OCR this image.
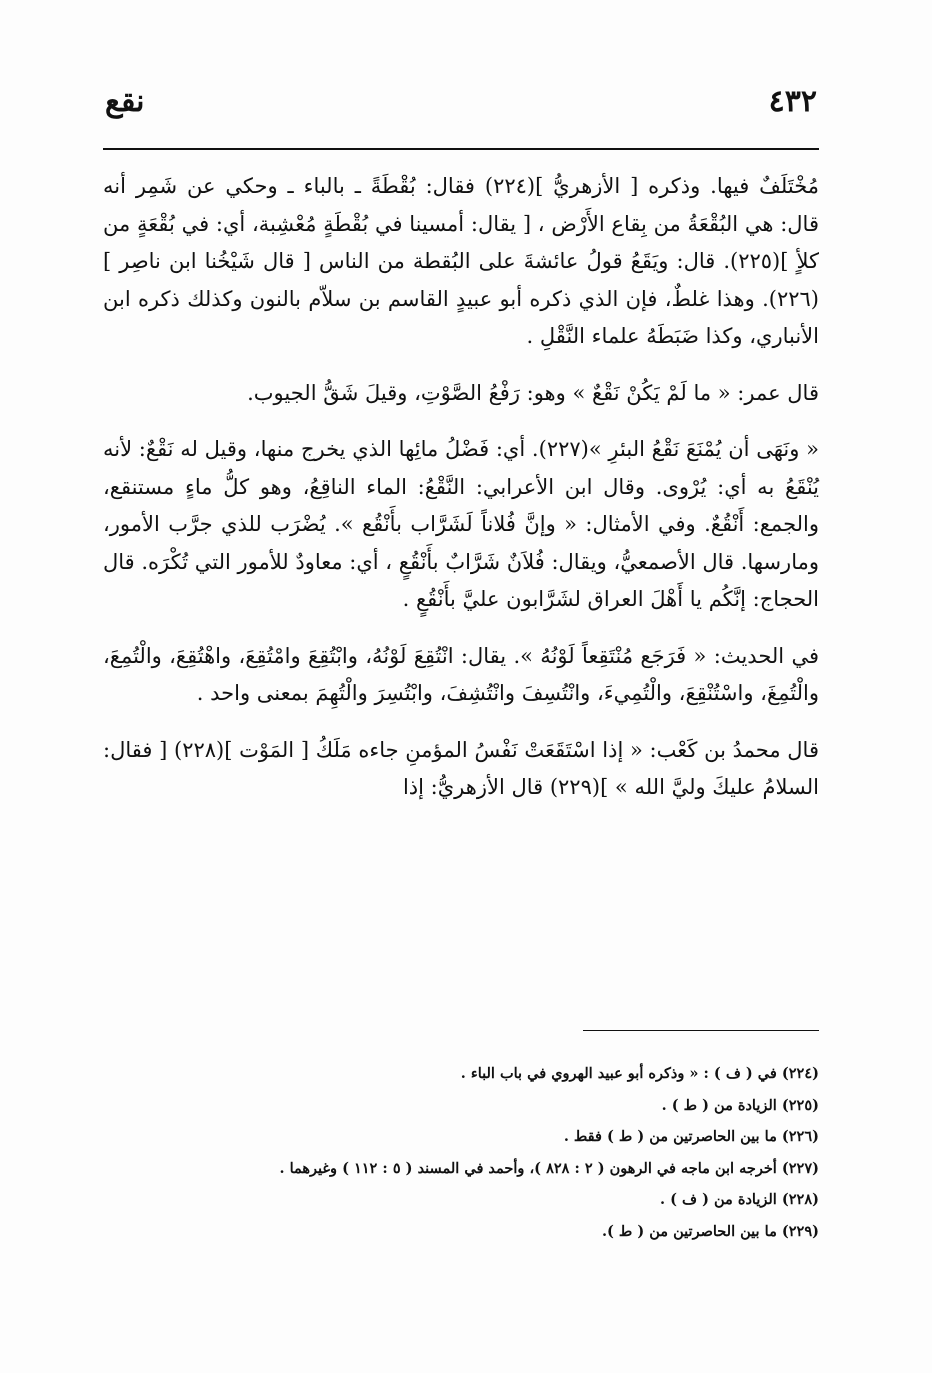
٤٣٢
نقع

مُخْتَلَفٌ فيها. وذكره [ الأزهريُّ ](٢٢٤) فقال: بُقْطَةً ـ بالباء ـ وحكي عن شَمِر أنه قال: هي البُقْعَةُ من بِقاع الأَرْض ، [ يقال: أمسينا في بُقْطَةٍ مُعْشِبة، أي: في بُقْعَةٍ من كلأٍ ](٢٢٥). قال: ويَقَعُ قولُ عائشةَ على البُقطة من الناس [ قال شَيْخُنا ابن ناصِر ](٢٢٦). وهذا غلطٌ، فإن الذي ذكره أبو عبيدٍ القاسم بن سلاّم بالنون وكذلك ذكره ابن الأنباري، وكذا ضَبَطَهُ علماء النَّقْلِ .

قال عمر: « ما لَمْ يَكُنْ نَقْعٌ » وهو: رَفْعُ الصَّوْتِ، وقيلَ شَقُّ الجيوب.

« ونَهَى أن يُمْنَعَ نَقْعُ البئرِ »(٢٢٧). أي: فَضْلُ مائِها الذي يخرج منها، وقيل له نَقْعٌ: لأنه يُنْقَعُ به أي: يُرْوى. وقال ابن الأعرابي: النَّقْعُ: الماء الناقِعُ، وهو كلُّ ماءٍ مستنقع، والجمع: أَنْقُعٌ. وفي الأمثال: « وإنَّ فُلاناً لَشَرَّاب بأَنْقُع ». يُضْرَب للذي جرَّب الأمور، ومارسها. قال الأصمعيُّ، ويقال: فُلاَنٌ شَرَّابٌ بأَنْقُعٍ ، أي: معاودٌ للأمور التي تُكْرَه. قال الحجاج: إنَّكُم يا أَهْلَ العراق لشَرَّابون عليَّ بأَنْقُعٍ .

في الحديث: « فَرَجَع مُنْتَقِعاً لَوْنُهُ ». يقال: انْتُقِعَ لَوْنُهُ، وابْتُقِعَ وامْتُقِعَ، واهْتُقِعَ، والْتُمِعَ، والْتُمِغَ، واسْتُنْقِعَ، والْتُمِيءَ، وانْتُسِفَ وانْتُشِفَ، وابْتُسِرَ والْتُهِمَ بمعنى واحد .

قال محمدُ بن كَعْب: « إذا اسْتَقَعَتْ نَفْسُ المؤمنِ جاءه مَلَكُ [ المَوْت ](٢٢٨) [ فقال: السلامُ عليكَ وليَّ الله » ](٢٢٩) قال الأزهريُّ: إذا

(٢٢٤) في ( ف ) : « وذكره أبو عبيد الهروي في باب الباء .
(٢٢٥) الزيادة من ( ط ) .
(٢٢٦) ما بين الحاصرتين من ( ط ) فقط .
(٢٢٧) أخرجه ابن ماجه في الرهون ( ٢ : ٨٢٨ )، وأحمد في المسند ( ٥ : ١١٢ ) وغيرهما .
(٢٢٨) الزيادة من ( ف ) .
(٢٢٩) ما بين الحاصرتين من ( ط ).
